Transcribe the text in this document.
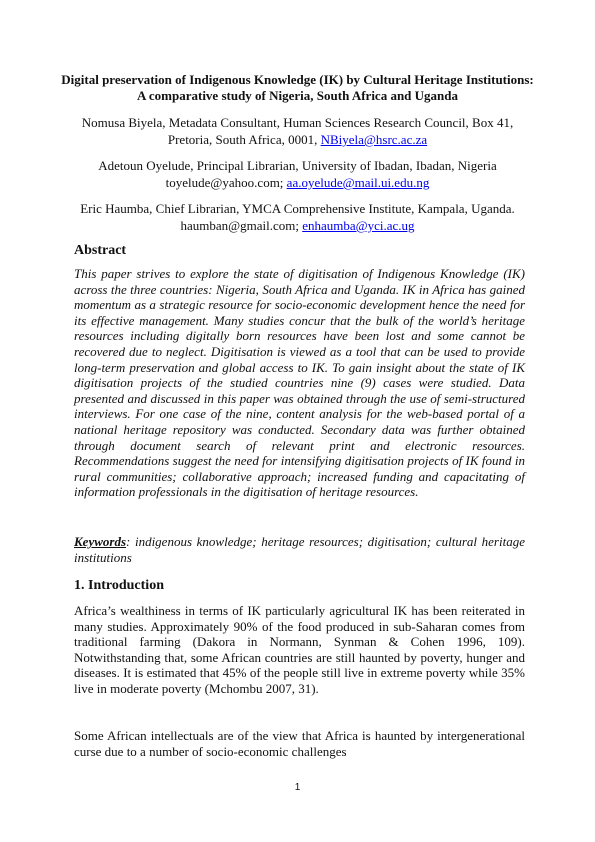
Digital preservation of Indigenous Knowledge (IK) by Cultural Heritage Institutions: A comparative study of Nigeria, South Africa and Uganda

Nomusa Biyela, Metadata Consultant, Human Sciences Research Council, Box 41, Pretoria, South Africa, 0001, NBiyela@hsrc.ac.za

Adetoun Oyelude, Principal Librarian, University of Ibadan, Ibadan, Nigeria toyelude@yahoo.com; aa.oyelude@mail.ui.edu.ng

Eric Haumba, Chief Librarian, YMCA Comprehensive Institute, Kampala, Uganda. haumban@gmail.com; enhaumba@yci.ac.ug

Abstract

This paper strives to explore the state of digitisation of Indigenous Knowledge (IK) across the three countries: Nigeria, South Africa and Uganda. IK in Africa has gained momentum as a strategic resource for socio-economic development hence the need for its effective management. Many studies concur that the bulk of the world’s heritage resources including digitally born resources have been lost and some cannot be recovered due to neglect. Digitisation is viewed as a tool that can be used to provide long-term preservation and global access to IK. To gain insight about the state of IK digitisation projects of the studied countries nine (9) cases were studied. Data presented and discussed in this paper was obtained through the use of semi-structured interviews. For one case of the nine, content analysis for the web-based portal of a national heritage repository was conducted. Secondary data was further obtained through document search of relevant print and electronic resources. Recommendations suggest the need for intensifying digitisation projects of IK found in rural communities; collaborative approach; increased funding and capacitating of information professionals in the digitisation of heritage resources.

Keywords: indigenous knowledge; heritage resources; digitisation; cultural heritage institutions

1. Introduction

Africa’s wealthiness in terms of IK particularly agricultural IK has been reiterated in many studies. Approximately 90% of the food produced in sub-Saharan comes from traditional farming (Dakora in Normann, Synman & Cohen 1996, 109). Notwithstanding that, some African countries are still haunted by poverty, hunger and diseases. It is estimated that 45% of the people still live in extreme poverty while 35% live in moderate poverty (Mchombu 2007, 31).

Some African intellectuals are of the view that Africa is haunted by intergenerational curse due to a number of socio-economic challenges

1
